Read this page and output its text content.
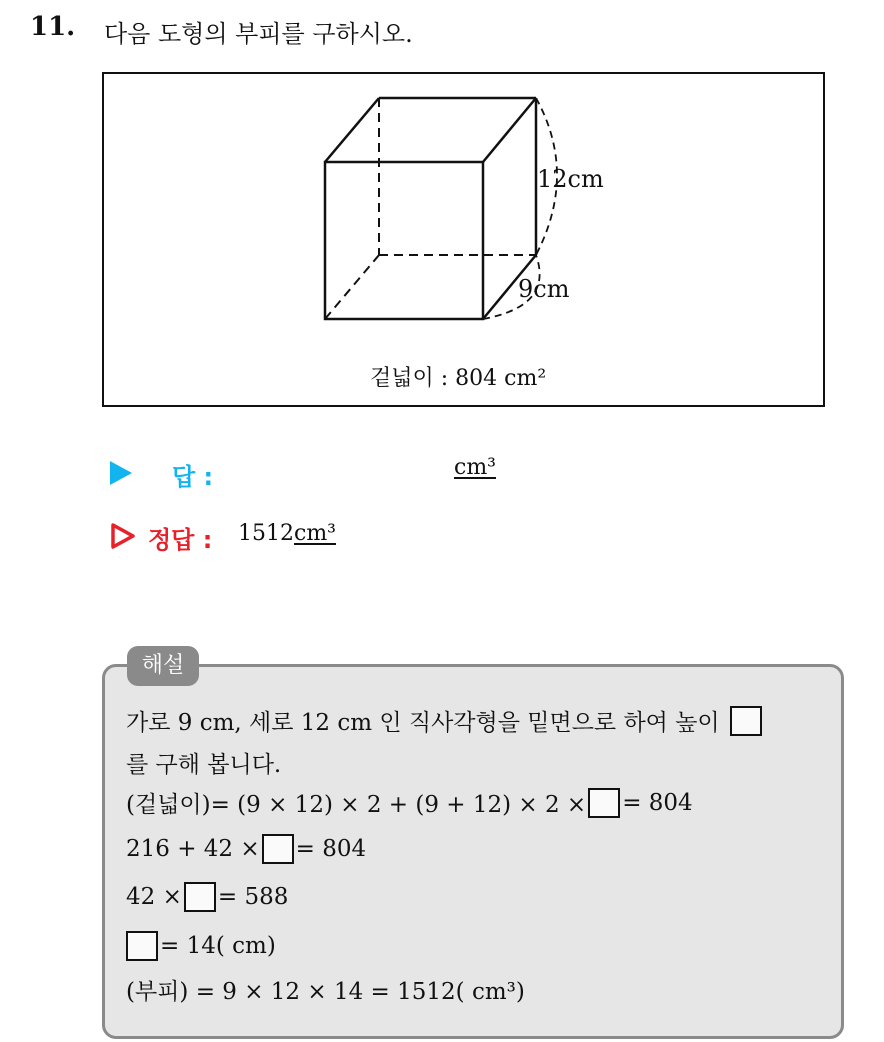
11. 다음 도형의 부피를 구하시오.
12cm
9cm
겉넓이 : 804 cm²
답 :	cm³
정답 : 1512cm³
해설
가로 9 cm, 세로 12 cm 인 직사각형을 밑면으로 하여 높이
를 구해 봅니다.
(겉넓이)= (9 × 12) × 2 + (9 + 12) × 2 × = 804
216 + 42 × = 804
42 × = 588
= 14( cm)
(부피) = 9 × 12 × 14 = 1512( cm³)
